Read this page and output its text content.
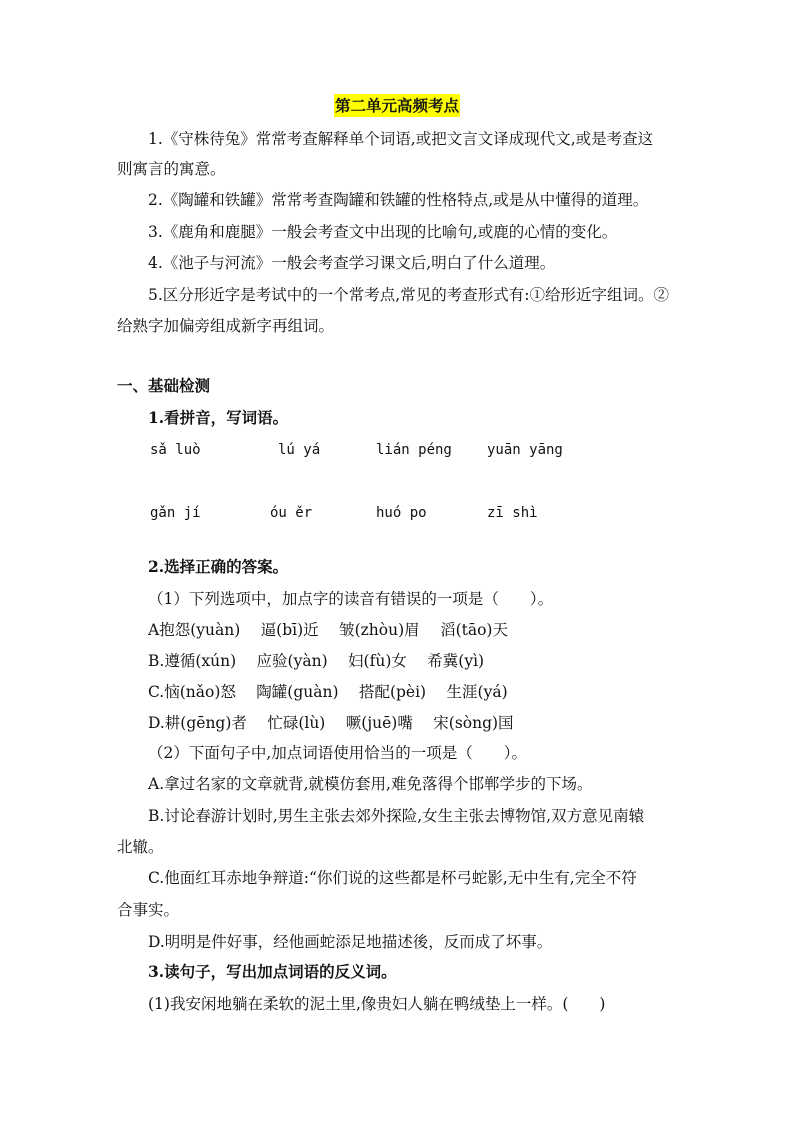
第二单元高频考点
1.《守株待兔》常常考查解释单个词语,或把文言文译成现代文,或是考查这
则寓言的寓意。
2.《陶罐和铁罐》常常考查陶罐和铁罐的性格特点,或是从中懂得的道理。
3.《鹿角和鹿腿》一般会考查文中出现的比喻句,或鹿的心情的变化。
4.《池子与河流》一般会考查学习课文后,明白了什么道理。
5.区分形近字是考试中的一个常考点,常见的考查形式有:①给形近字组词。②
给熟字加偏旁组成新字再组词。
一、基础检测
1.看拼音，写词语。
sǎ luò	lú yá	lián péng	yuān yāng
gǎn jí	óu ěr	huó po	zī shì
2.选择正确的答案。
（1）下列选项中，加点字的读音有错误的一项是（　　）。
A抱怨(yuàn)　 逼(bī)近　 皱(zhòu)眉　 滔(tāo)天
B.遵循(xún)　 应验(yàn)　 妇(fù)女　 希冀(yì)
C.恼(nǎo)怒　 陶罐(guàn)　 搭配(pèi)　 生涯(yá)
D.耕(gēng)者　 忙碌(lù)　 噘(juē)嘴　 宋(sòng)国
（2）下面句子中,加点词语使用恰当的一项是（　　）。
A.拿过名家的文章就背,就模仿套用,难免落得个邯郸学步的下场。
B.讨论春游计划时,男生主张去郊外探险,女生主张去博物馆,双方意见南辕
北辙。
C.他面红耳赤地争辩道:“你们说的这些都是杯弓蛇影,无中生有,完全不符
合事实。
D.明明是件好事，经他画蛇添足地描述後，反而成了坏事。
3.读句子，写出加点词语的反义词。
(1)我安闲地躺在柔软的泥土里,像贵妇人躺在鸭绒垫上一样。(　　)
